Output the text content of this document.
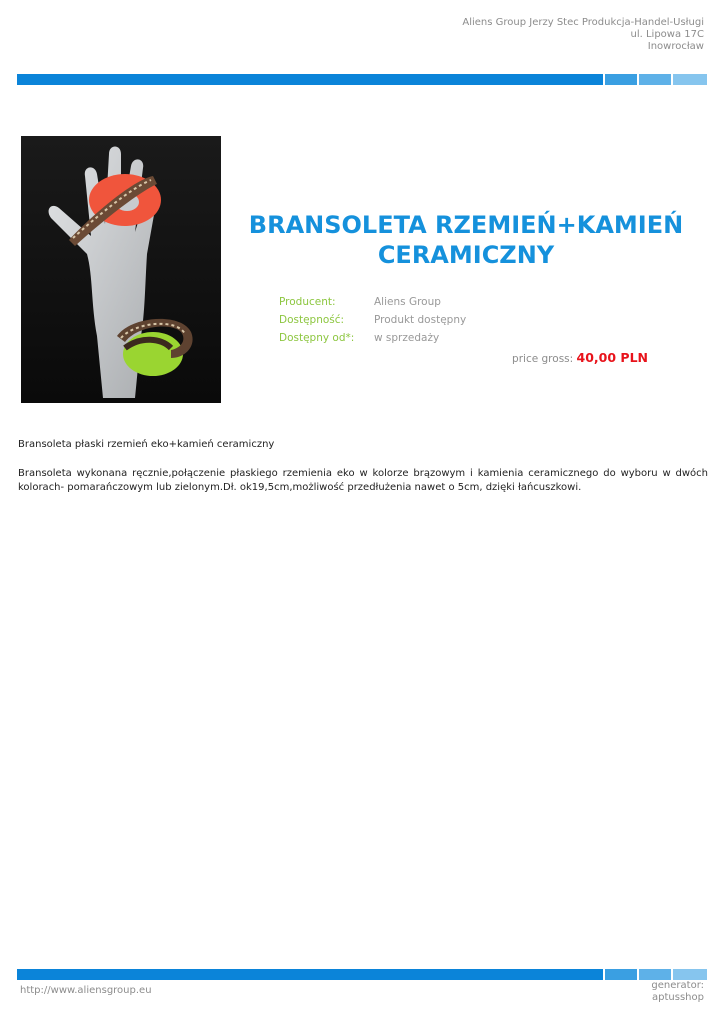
Aliens Group Jerzy Stec Produkcja-Handel-Usługi
ul. Lipowa 17C
Inowrocław
BRANSOLETA RZEMIEŃ+KAMIEŃ
CERAMICZNY
Producent:	Aliens Group
Dostępność:	Produkt dostępny
Dostępny od*: w sprzedaży
price gross: 40,00 PLN
Bransoleta płaski rzemień eko+kamień ceramiczny
Bransoleta wykonana ręcznie,połączenie płaskiego rzemienia eko w kolorze brązowym i kamienia ceramicznego do wyboru w dwóch kolorach- pomarańczowym lub zielonym.Dł. ok19,5cm,możliwość przedłużenia nawet o 5cm, dzięki łańcuszkowi.
http://www.aliensgroup.eu	generator:
aptusshop
